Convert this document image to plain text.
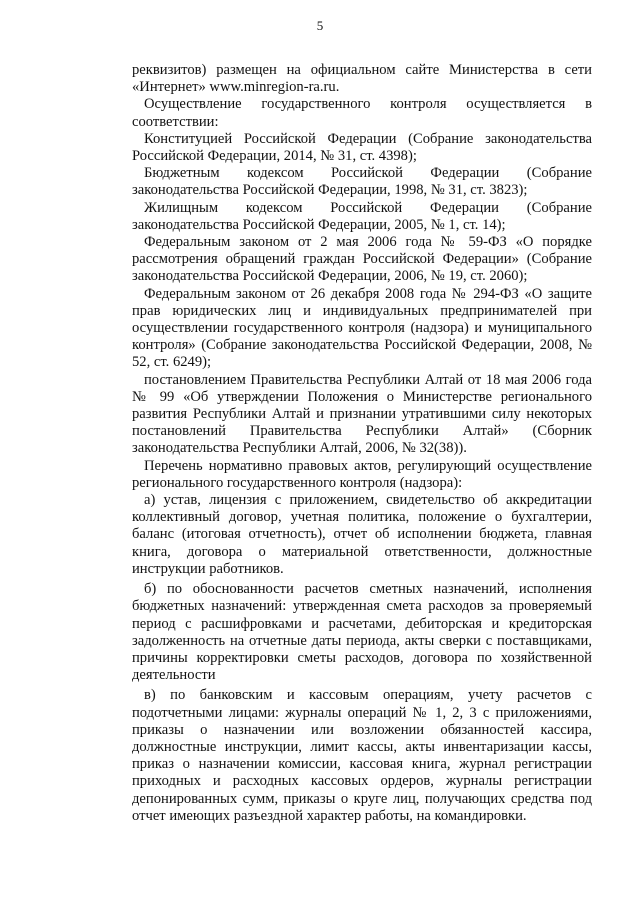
5

реквизитов) размещен на официальном сайте Министерства в сети «Интернет» www.minregion-ra.ru.

Осуществление государственного контроля осуществляется в соответствии:

Конституцией Российской Федерации (Собрание законодательства Российской Федерации, 2014, № 31, ст. 4398);

Бюджетным кодексом Российской Федерации (Собрание законодательства Российской Федерации, 1998, № 31, ст. 3823);

Жилищным кодексом Российской Федерации (Собрание законодательства Российской Федерации, 2005, № 1, ст. 14);

Федеральным законом от 2 мая 2006 года № 59-ФЗ «О порядке рассмотрения обращений граждан Российской Федерации» (Собрание законодательства Российской Федерации, 2006, № 19, ст. 2060);

Федеральным законом от 26 декабря 2008 года № 294-ФЗ «О защите прав юридических лиц и индивидуальных предпринимателей при осуществлении государственного контроля (надзора) и муниципального контроля» (Собрание законодательства Российской Федерации, 2008, № 52, ст. 6249);

постановлением Правительства Республики Алтай от 18 мая 2006 года № 99 «Об утверждении Положения о Министерстве регионального развития Республики Алтай и признании утратившими силу некоторых постановлений Правительства Республики Алтай» (Сборник законодательства Республики Алтай, 2006, № 32(38)).

Перечень нормативно правовых актов, регулирующий осуществление регионального государственного контроля (надзора):

а) устав, лицензия с приложением, свидетельство об аккредитации коллективный договор, учетная политика, положение о бухгалтерии, баланс (итоговая отчетность), отчет об исполнении бюджета, главная книга, договора о материальной ответственности, должностные инструкции работников.

б) по обоснованности расчетов сметных назначений, исполнения бюджетных назначений: утвержденная смета расходов за проверяемый период с расшифровками и расчетами, дебиторская и кредиторская задолженность на отчетные даты периода, акты сверки с поставщиками, причины корректировки сметы расходов, договора по хозяйственной деятельности

в) по банковским и кассовым операциям, учету расчетов с подотчетными лицами: журналы операций № 1, 2, 3 с приложениями, приказы о назначении или возложении обязанностей кассира, должностные инструкции, лимит кассы, акты инвентаризации кассы, приказ о назначении комиссии, кассовая книга, журнал регистрации приходных и расходных кассовых ордеров, журналы регистрации депонированных сумм, приказы о круге лиц, получающих средства под отчет имеющих разъездной характер работы, на командировки.
